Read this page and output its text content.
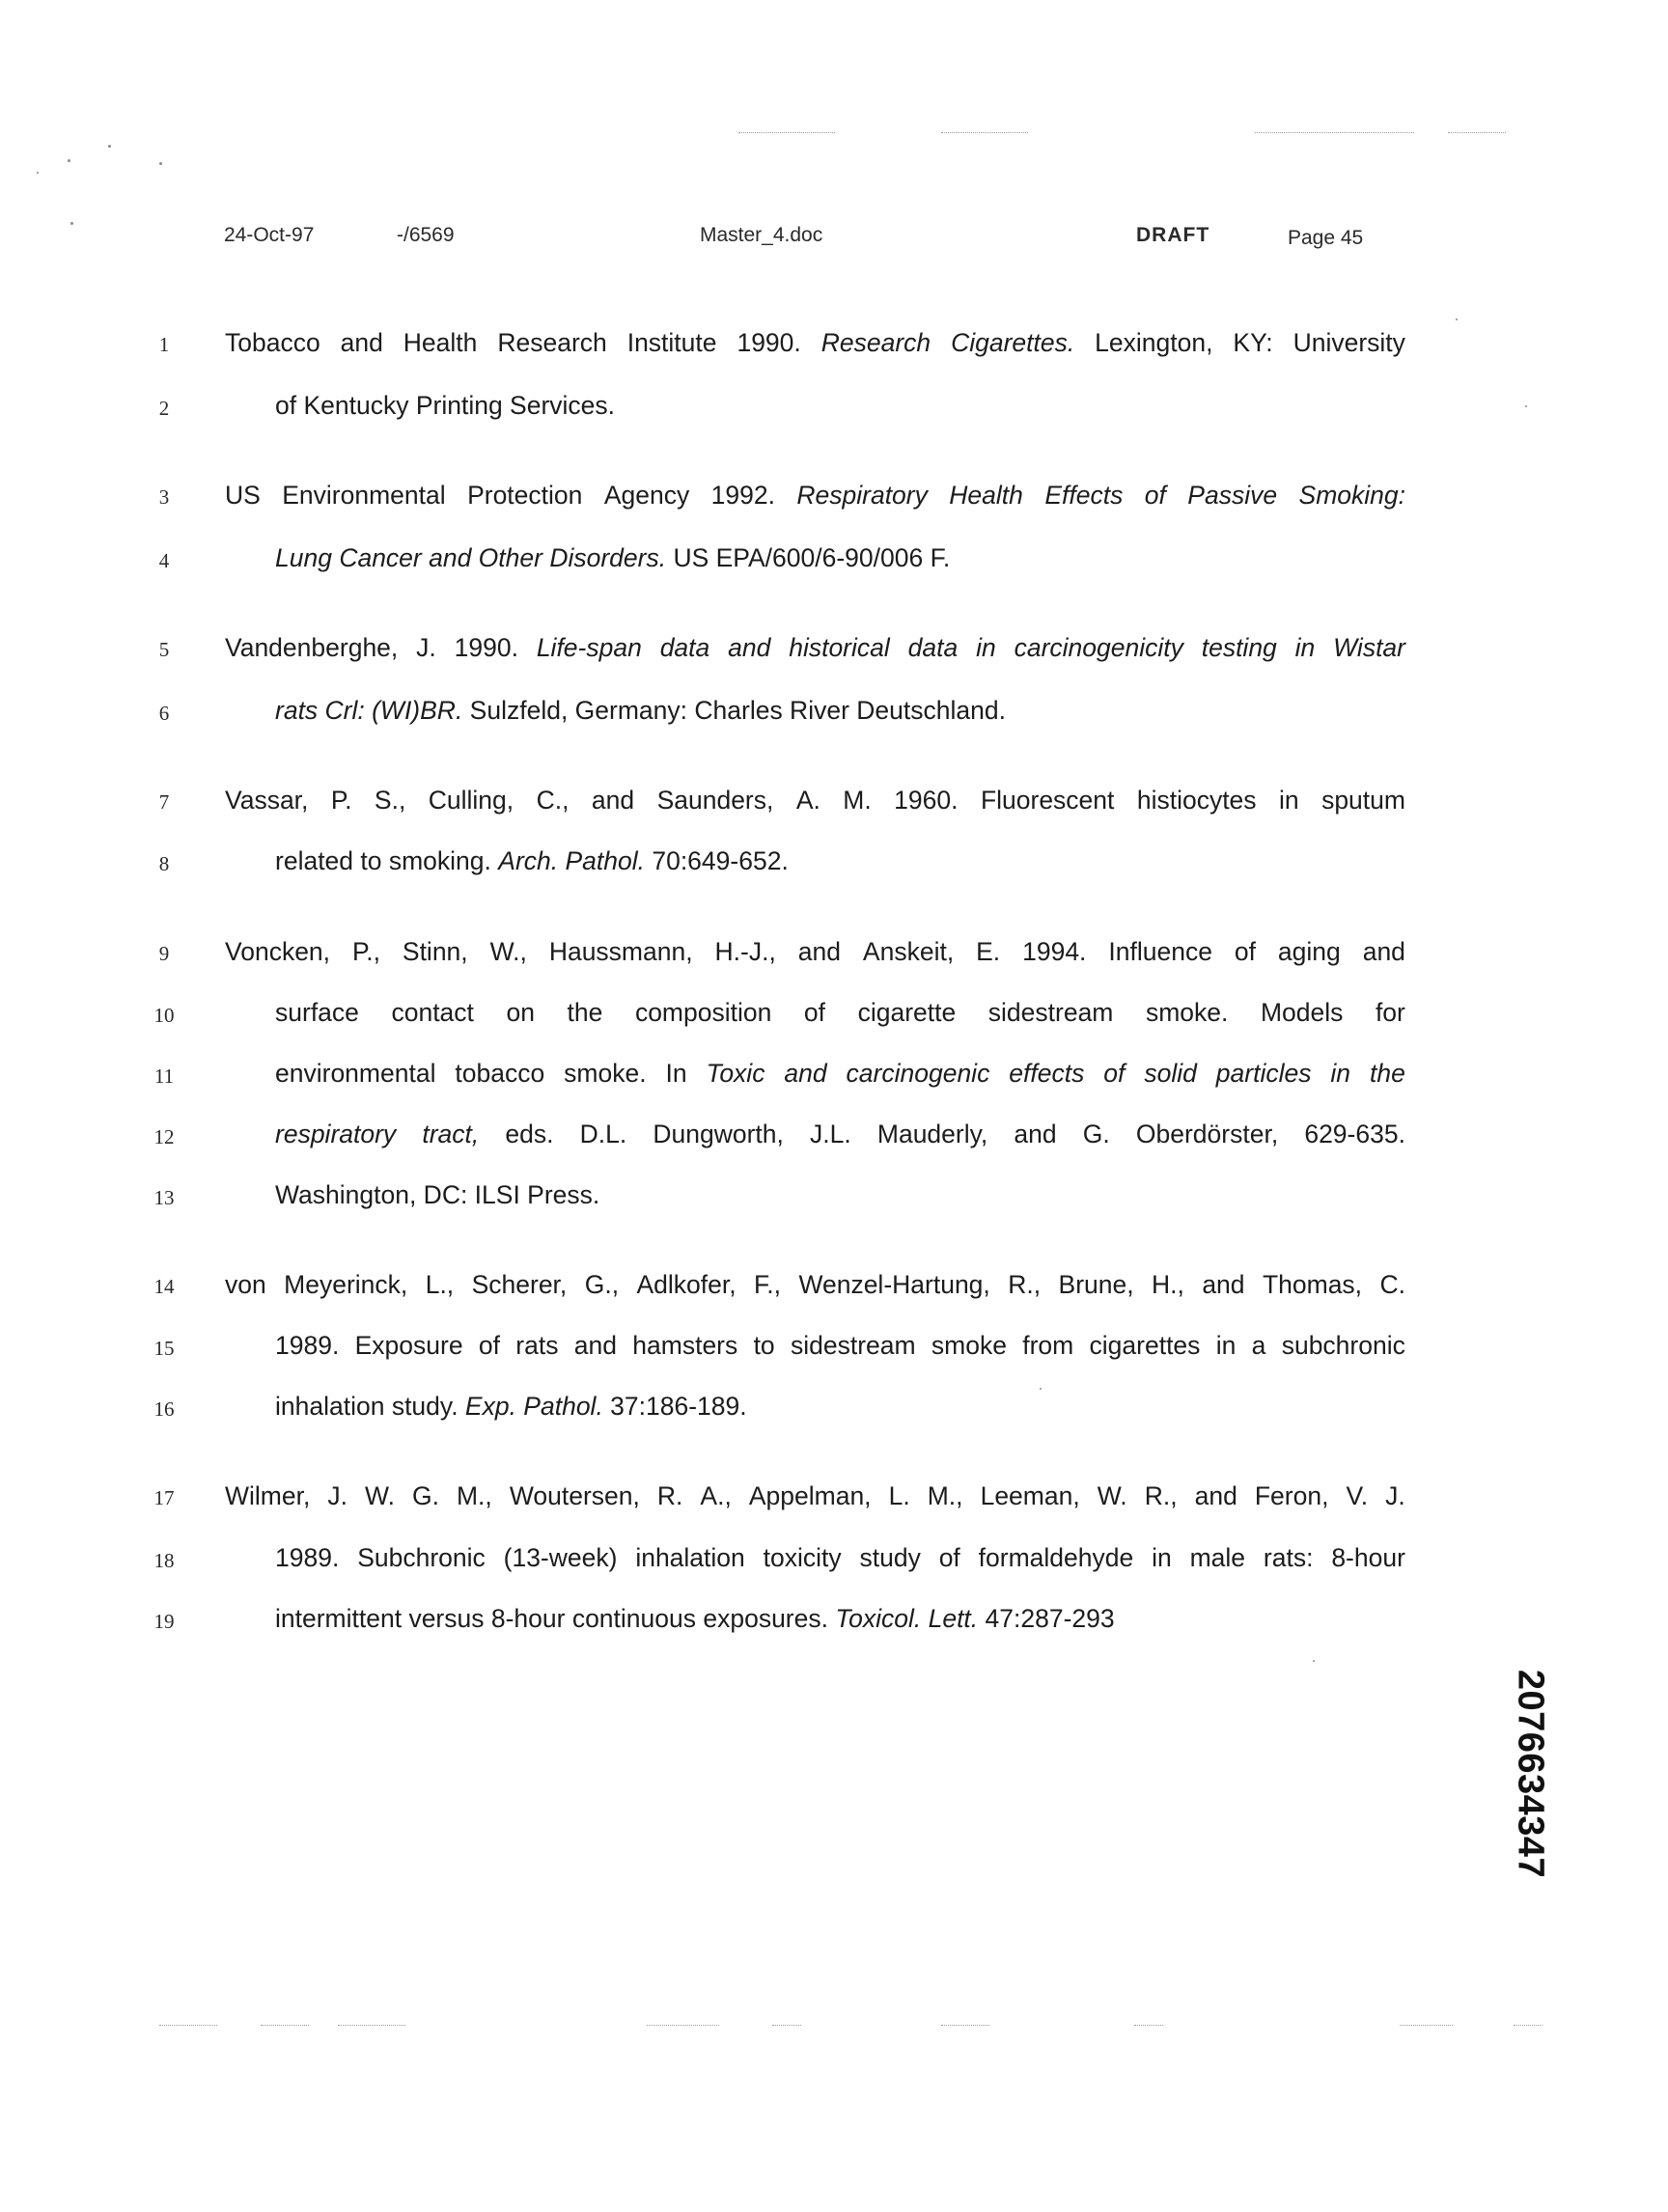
24-Oct-97	-/6569	Master_4.doc	DRAFT	Page 45
1
2
3
4
5
6
7
8
9
10
11
12
13
14
15
16
17
18
19
Tobacco and Health Research Institute 1990. Research Cigarettes. Lexington, KY: University
of Kentucky Printing Services.
US Environmental Protection Agency 1992. Respiratory Health Effects of Passive Smoking:
Lung Cancer and Other Disorders. US EPA/600/6-90/006 F.
Vandenberghe, J. 1990. Life-span data and historical data in carcinogenicity testing in Wistar
rats Crl: (WI)BR. Sulzfeld, Germany: Charles River Deutschland.
Vassar, P. S., Culling, C., and Saunders, A. M. 1960. Fluorescent histiocytes in sputum
related to smoking. Arch. Pathol. 70:649-652.
Voncken, P., Stinn, W., Haussmann, H.-J., and Anskeit, E. 1994. Influence of aging and
surface contact on the composition of cigarette sidestream smoke. Models for
environmental tobacco smoke. In Toxic and carcinogenic effects of solid particles in the
respiratory tract, eds. D.L. Dungworth, J.L. Mauderly, and G. Oberdörster, 629-635.
Washington, DC: ILSI Press.
von Meyerinck, L., Scherer, G., Adlkofer, F., Wenzel-Hartung, R., Brune, H., and Thomas, C.
1989. Exposure of rats and hamsters to sidestream smoke from cigarettes in a subchronic
inhalation study. Exp. Pathol. 37:186-189.
Wilmer, J. W. G. M., Woutersen, R. A., Appelman, L. M., Leeman, W. R., and Feron, V. J.
1989. Subchronic (13-week) inhalation toxicity study of formaldehyde in male rats: 8-hour
intermittent versus 8-hour continuous exposures. Toxicol. Lett. 47:287-293
2076634347
